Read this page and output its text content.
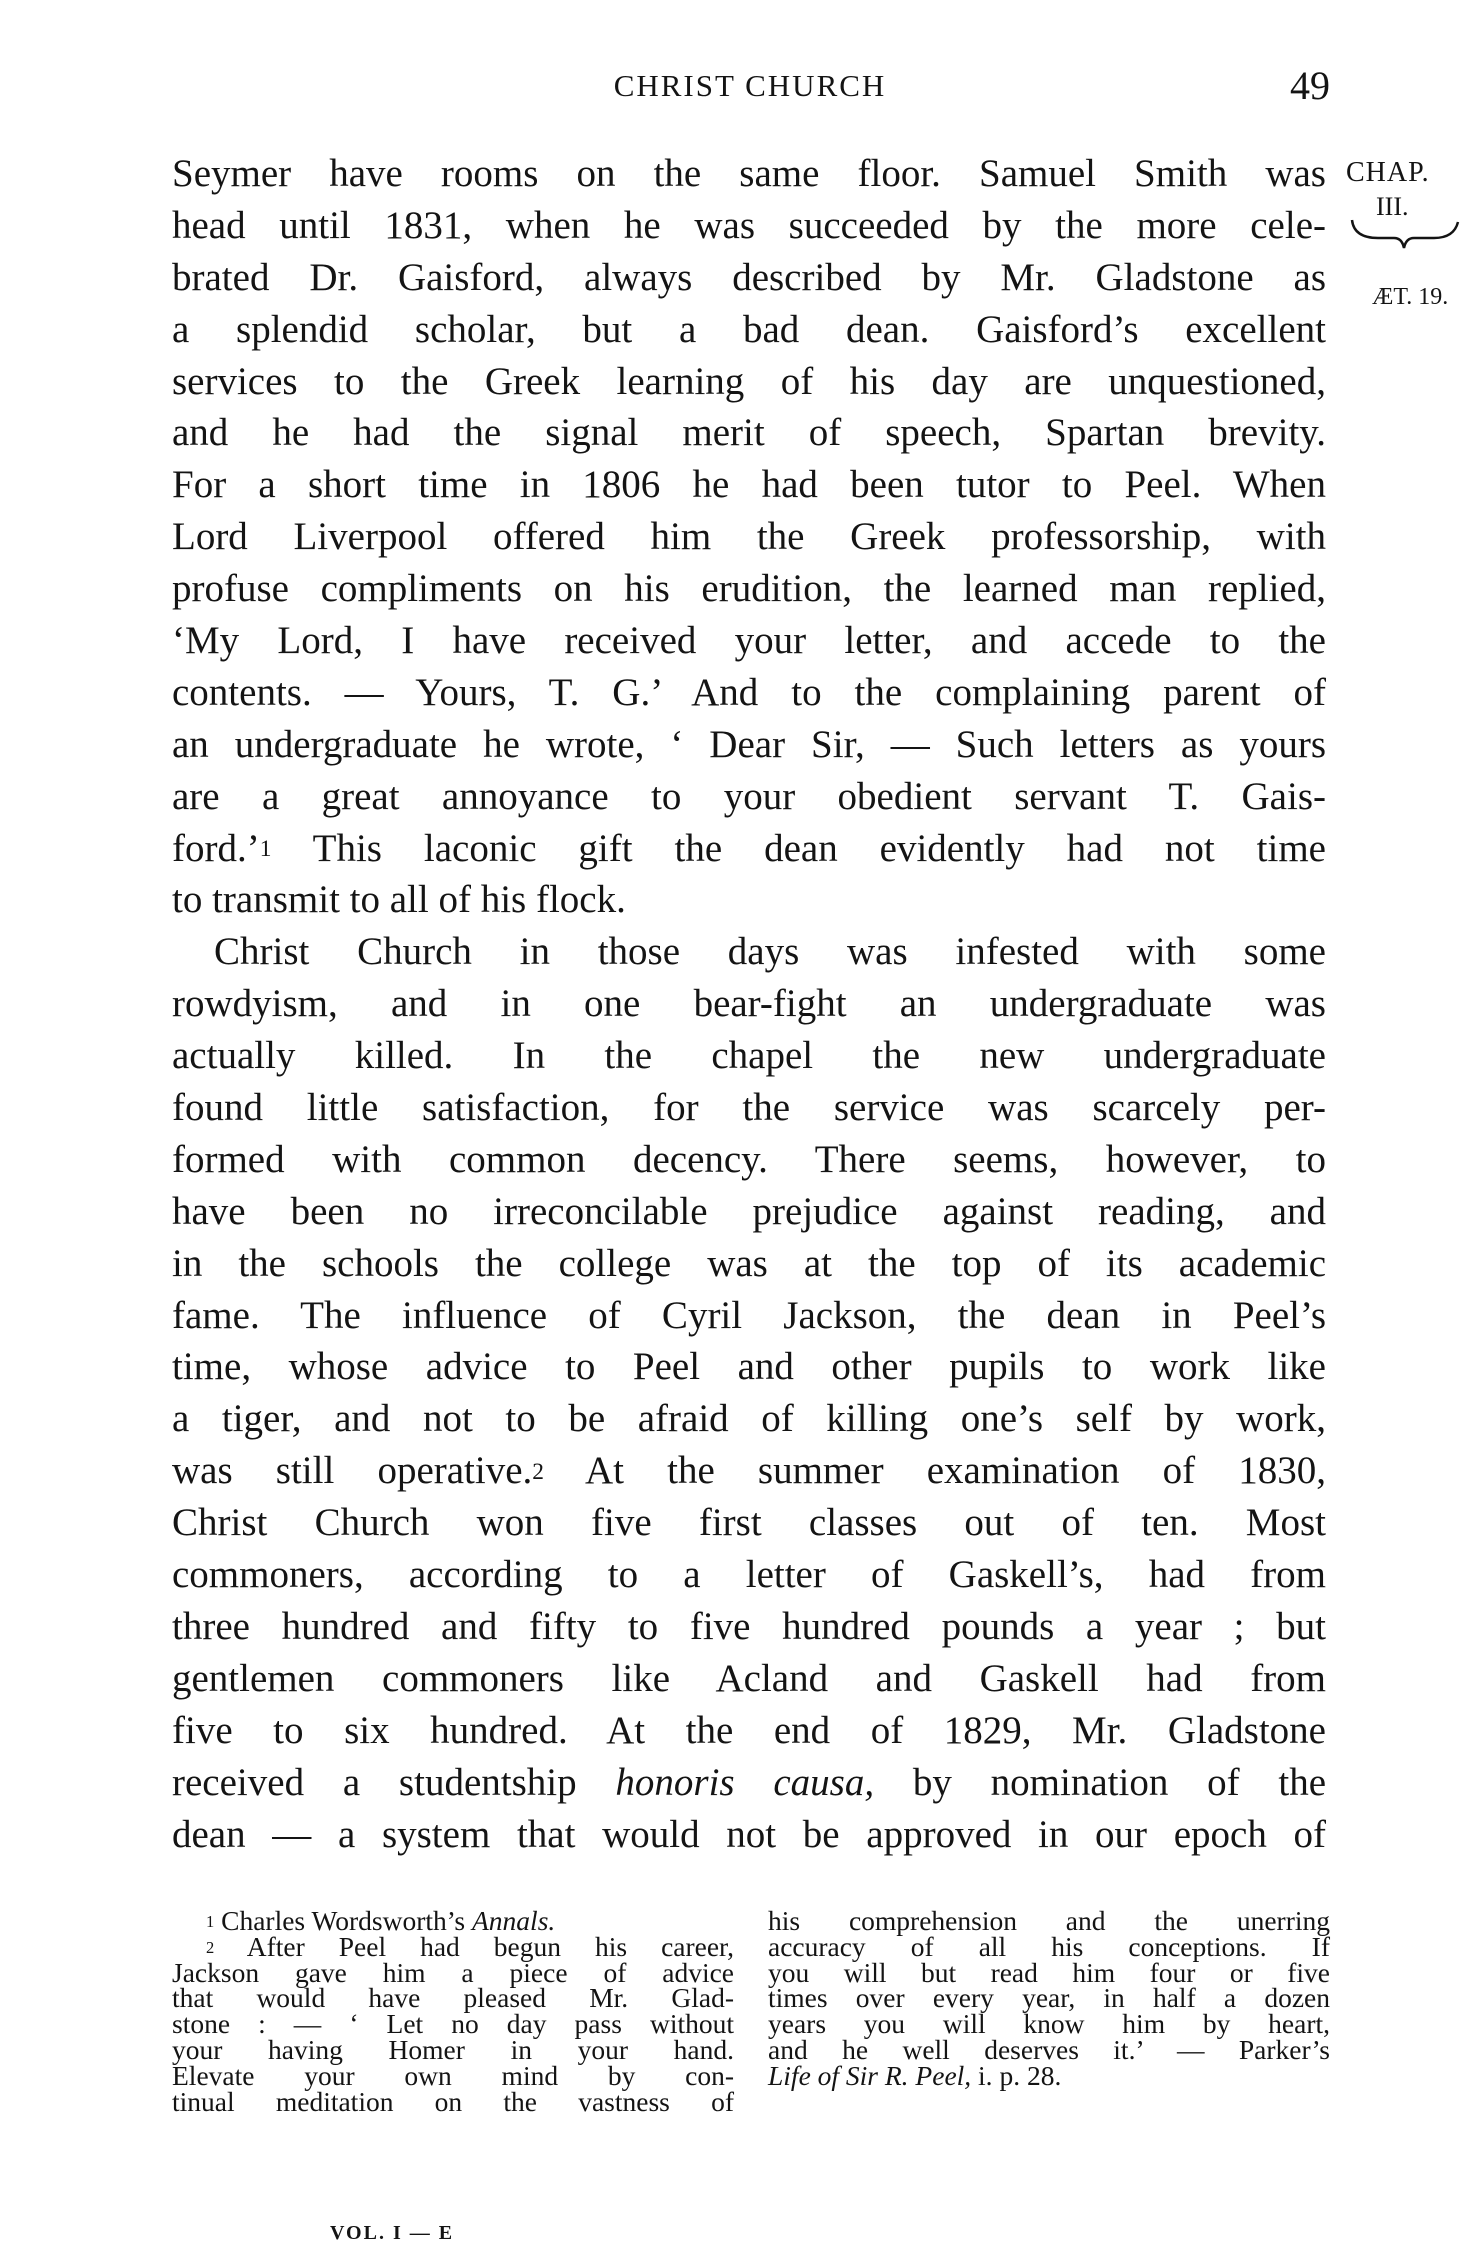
CHRIST CHURCH	49
CHAP.
III.
ÆT. 19.
Seymer have rooms on the same floor. Samuel Smith was
head until 1831, when he was succeeded by the more cele-
brated Dr. Gaisford, always described by Mr. Gladstone as
a splendid scholar, but a bad dean. Gaisford’s excellent
services to the Greek learning of his day are unquestioned,
and he had the signal merit of speech, Spartan brevity.
For a short time in 1806 he had been tutor to Peel. When
Lord Liverpool offered him the Greek professorship, with
profuse compliments on his erudition, the learned man replied,
‘My Lord, I have received your letter, and accede to the
contents. — Yours, T. G.’ And to the complaining parent of
an undergraduate he wrote, ‘ Dear Sir, — Such letters as yours
are a great annoyance to your obedient servant T. Gais-
ford.’$^1$ This laconic gift the dean evidently had not time
to transmit to all of his flock.
Christ Church in those days was infested with some
rowdyism, and in one bear-fight an undergraduate was
actually killed. In the chapel the new undergraduate
found little satisfaction, for the service was scarcely per-
formed with common decency. There seems, however, to
have been no irreconcilable prejudice against reading, and
in the schools the college was at the top of its academic
fame. The influence of Cyril Jackson, the dean in Peel’s
time, whose advice to Peel and other pupils to work like
a tiger, and not to be afraid of killing one’s self by work,
was still operative.$^2$ At the summer examination of 1830,
Christ Church won five first classes out of ten. Most
commoners, according to a letter of Gaskell’s, had from
three hundred and fifty to five hundred pounds a year ; but
gentlemen commoners like Acland and Gaskell had from
five to six hundred. At the end of 1829, Mr. Gladstone
received a studentship honoris causa, by nomination of the
dean — a system that would not be approved in our epoch of
$^1$ Charles Wordsworth’s Annals.
$^2$ After Peel had begun his career,
Jackson gave him a piece of advice
that would have pleased Mr. Glad-
stone : — ‘ Let no day pass without
your having Homer in your hand.
Elevate your own mind by con-
tinual meditation on the vastness of
his comprehension and the unerring
accuracy of all his conceptions. If
you will but read him four or five
times over every year, in half a dozen
years you will know him by heart,
and he well deserves it.’ — Parker’s
Life of Sir R. Peel, i. p. 28.
VOL. I — E
